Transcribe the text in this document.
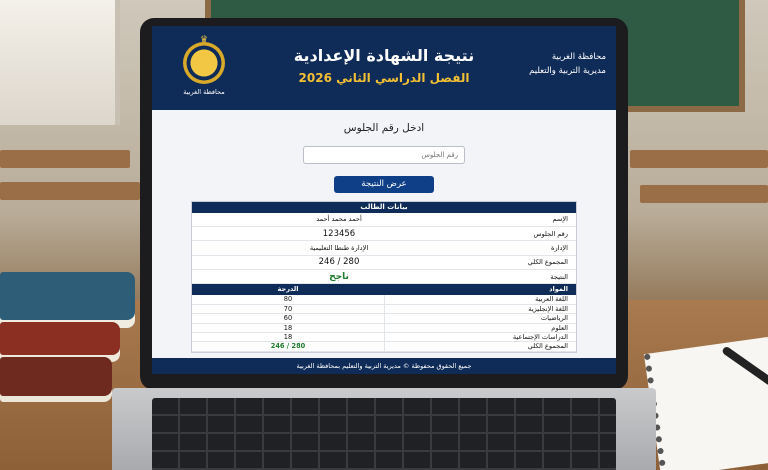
محافظة الغربية
مديرية التربية والتعليم
نتيجة الشهادة الإعدادية
الفصل الدراسي الثاني 2026
♛
محافظة الغربية
ادخل رقم الجلوس
رقم الجلوس
عرض النتيجة
بيانات الطالب
الإسم
أحمد محمد أحمد
رقم الجلوس
123456
الإدارة
الإدارة طنطا التعليمية
المجموع الكلي
280 / 246
النتيجة
ناجح
المواد
الدرجة
اللغة العربية
80
اللغة الإنجليزية
70
الرياضيات
60
العلوم
18
الدراسات الإجتماعية
18
المجموع الكلي
280 / 246
جميع الحقوق محفوظة © مديرية التربية والتعليم بمحافظة الغربية
